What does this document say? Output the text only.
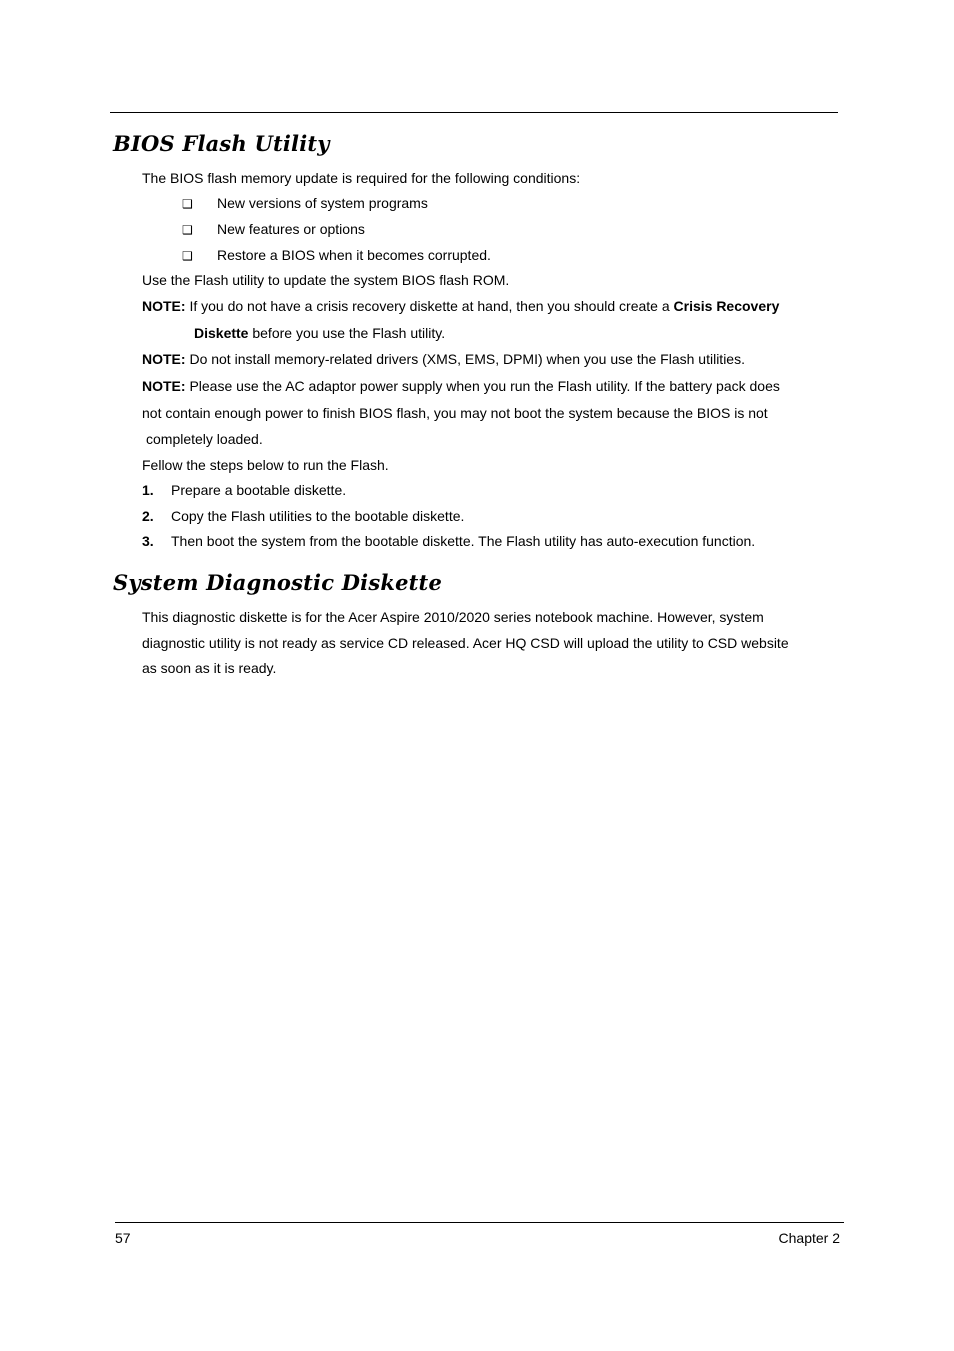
BIOS Flash Utility

The BIOS flash memory update is required for the following conditions:

❑ New versions of system programs

❑ New features or options

❑ Restore a BIOS when it becomes corrupted.

Use the Flash utility to update the system BIOS flash ROM.

NOTE: If you do not have a crisis recovery diskette at hand, then you should create a Crisis Recovery

Diskette before you use the Flash utility.

NOTE: Do not install memory-related drivers (XMS, EMS, DPMI) when you use the Flash utilities.

NOTE: Please use the AC adaptor power supply when you run the Flash utility. If the battery pack does

not contain enough power to finish BIOS flash, you may not boot the system because the BIOS is not

completely loaded.

Fellow the steps below to run the Flash.

1. Prepare a bootable diskette.

2. Copy the Flash utilities to the bootable diskette.

3. Then boot the system from the bootable diskette. The Flash utility has auto-execution function.

System Diagnostic Diskette

This diagnostic diskette is for the Acer Aspire 2010/2020 series notebook machine. However, system

diagnostic utility is not ready as service CD released. Acer HQ CSD will upload the utility to CSD website

as soon as it is ready.

57	Chapter 2
